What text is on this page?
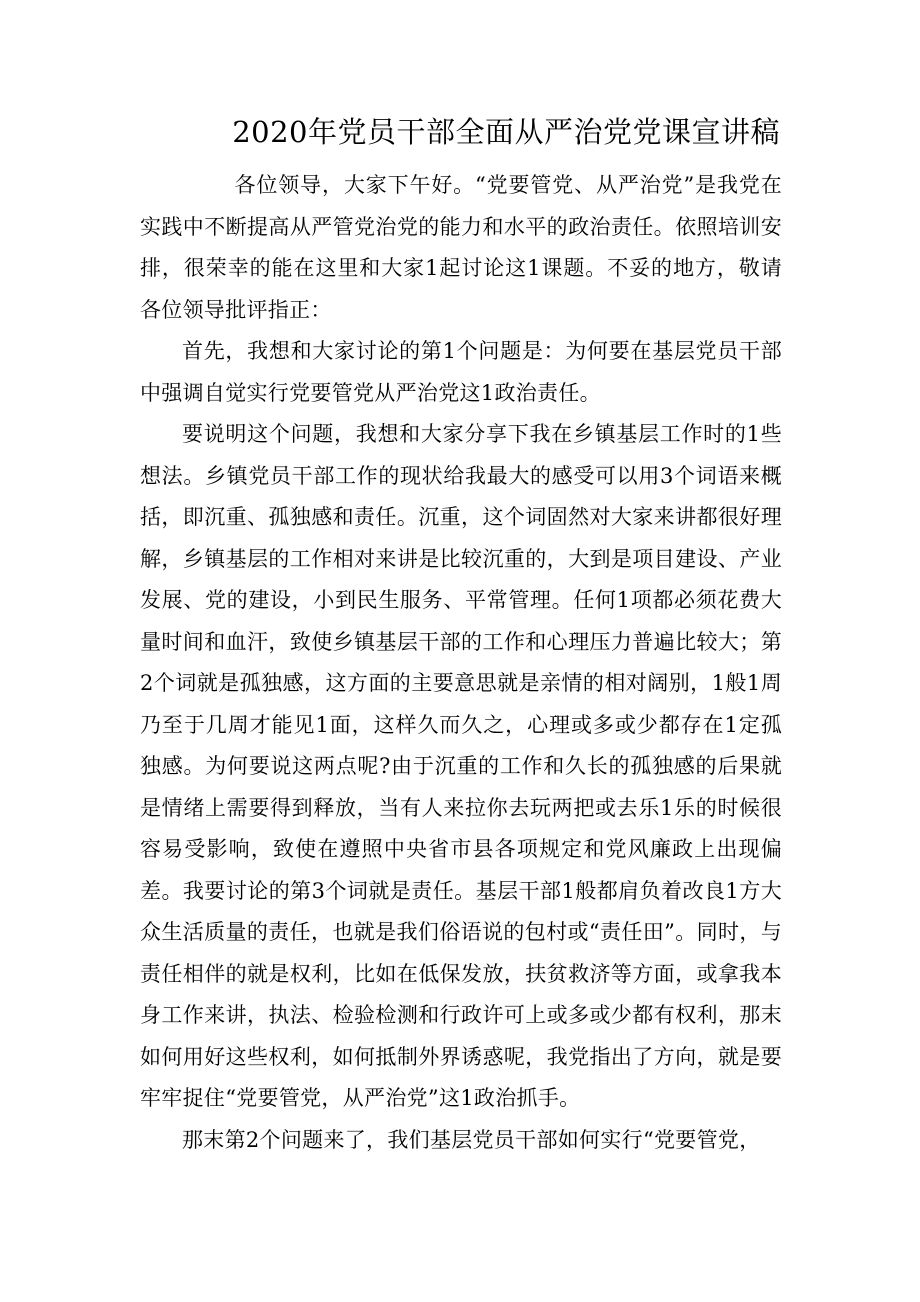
2020年党员干部全面从严治党党课宣讲稿

各位领导，大家下午好。“党要管党、从严治党”是我党在实践中不断提高从严管党治党的能力和水平的政治责任。依照培训安排，很荣幸的能在这里和大家1起讨论这1课题。不妥的地方，敬请各位领导批评指正：

首先，我想和大家讨论的第1个问题是：为何要在基层党员干部中强调自觉实行党要管党从严治党这1政治责任。

要说明这个问题，我想和大家分享下我在乡镇基层工作时的1些想法。乡镇党员干部工作的现状给我最大的感受可以用3个词语来概括，即沉重、孤独感和责任。沉重，这个词固然对大家来讲都很好理解，乡镇基层的工作相对来讲是比较沉重的，大到是项目建设、产业发展、党的建设，小到民生服务、平常管理。任何1项都必须花费大量时间和血汗，致使乡镇基层干部的工作和心理压力普遍比较大；第2个词就是孤独感，这方面的主要意思就是亲情的相对阔别，1般1周乃至于几周才能见1面，这样久而久之，心理或多或少都存在1定孤独感。为何要说这两点呢?由于沉重的工作和久长的孤独感的后果就是情绪上需要得到释放，当有人来拉你去玩两把或去乐1乐的时候很容易受影响，致使在遵照中央省市县各项规定和党风廉政上出现偏差。我要讨论的第3个词就是责任。基层干部1般都肩负着改良1方大众生活质量的责任，也就是我们俗语说的包村或“责任田”。同时，与责任相伴的就是权利，比如在低保发放，扶贫救济等方面，或拿我本身工作来讲，执法、检验检测和行政许可上或多或少都有权利，那末如何用好这些权利，如何抵制外界诱惑呢，我党指出了方向，就是要牢牢捉住“党要管党，从严治党”这1政治抓手。

那末第2个问题来了，我们基层党员干部如何实行“党要管党，
